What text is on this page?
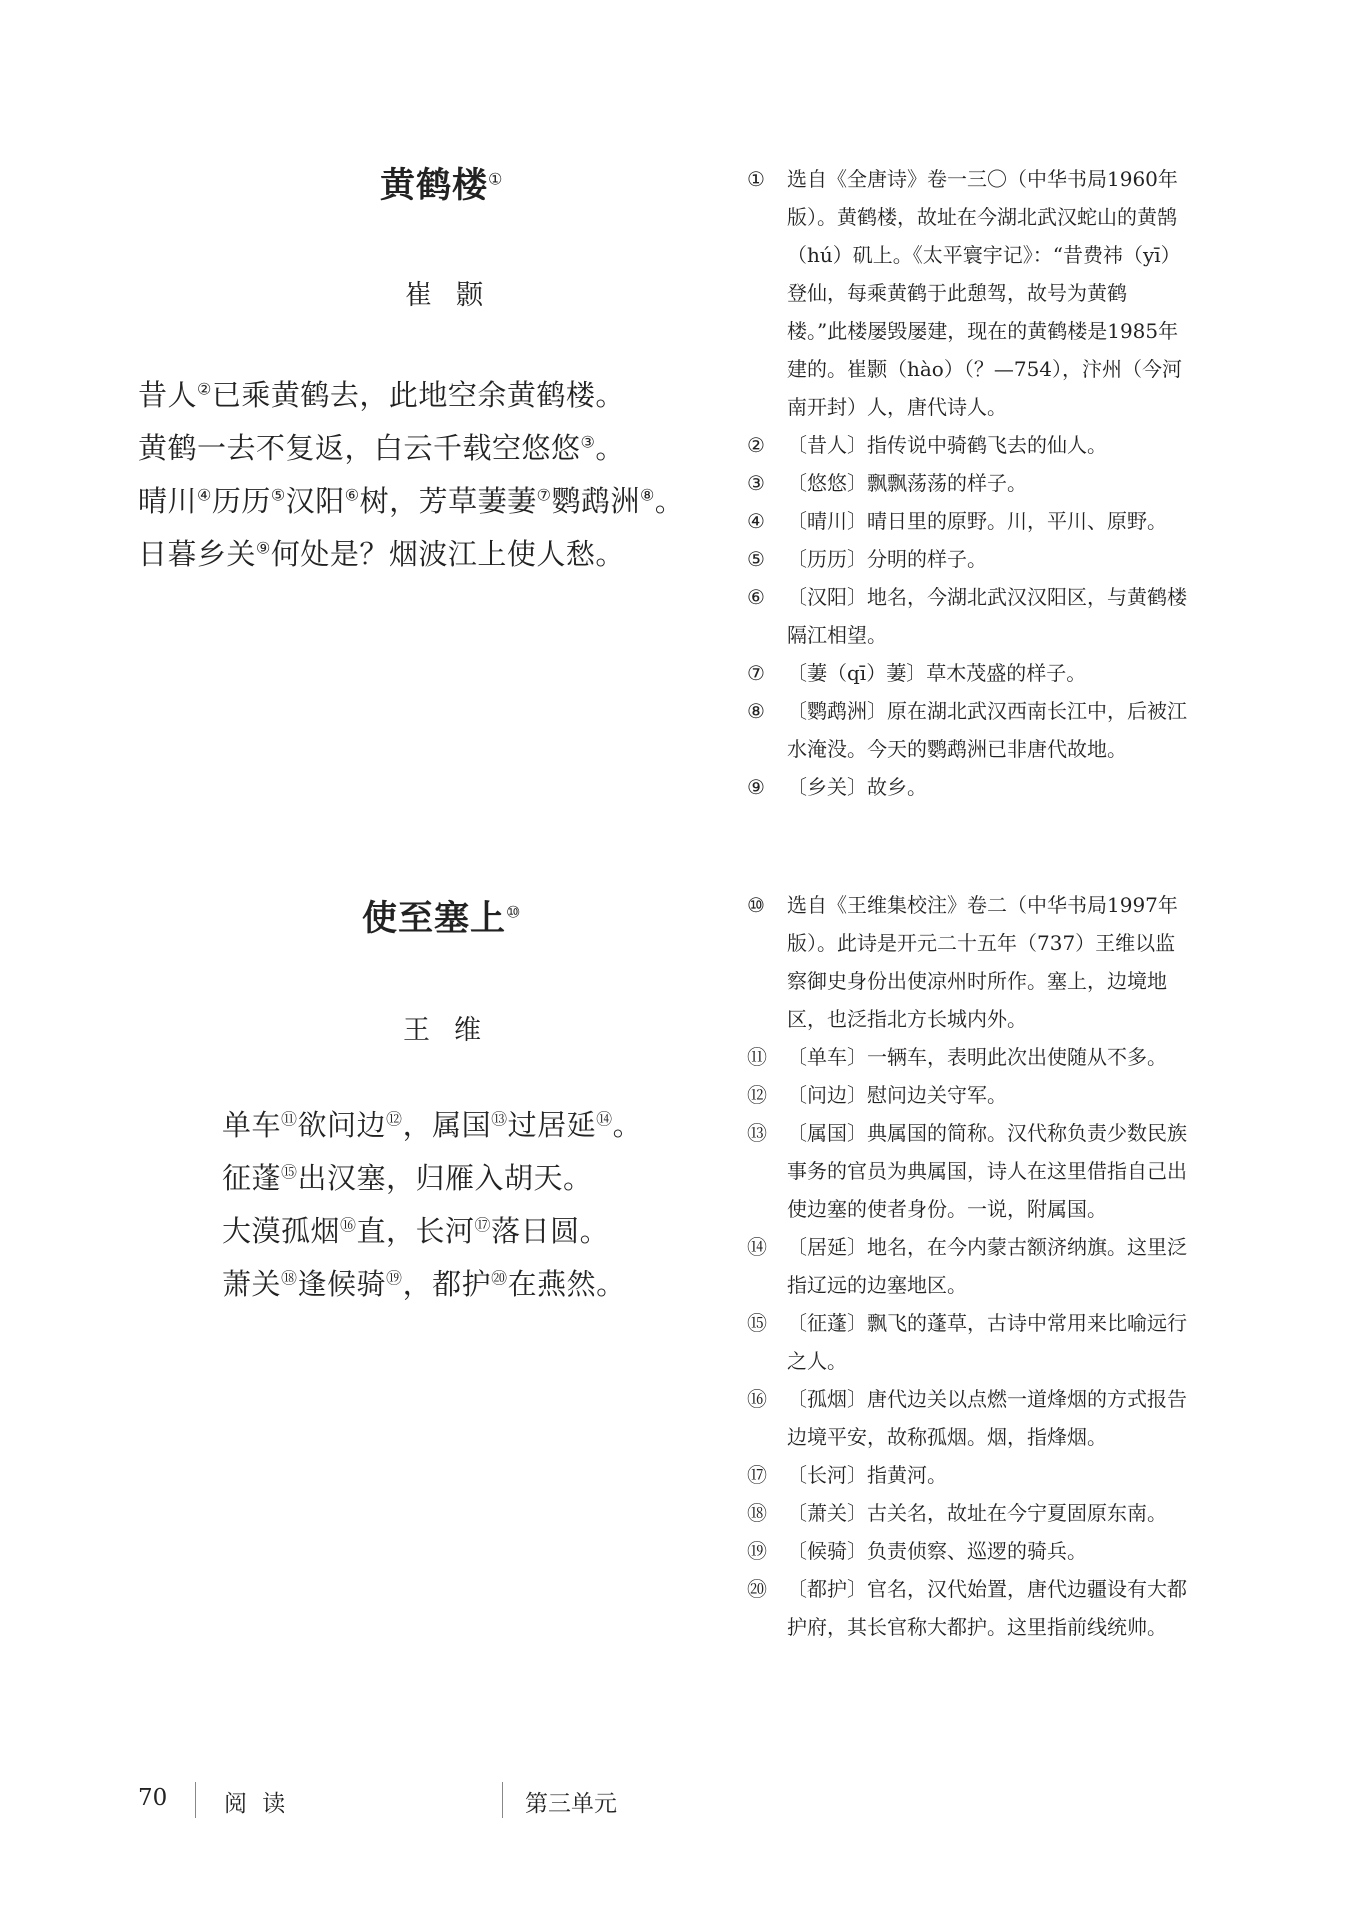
黄鹤楼①
崔颢
昔人②已乘黄鹤去，此地空余黄鹤楼。
黄鹤一去不复返，白云千载空悠悠③。
晴川④历历⑤汉阳⑥树，芳草萋萋⑦鹦鹉洲⑧。
日暮乡关⑨何处是？烟波江上使人愁。
①	选自《全唐诗》卷一三〇（中华书局1960年版）。黄鹤楼，故址在今湖北武汉蛇山的黄鹄（hú）矶上。《太平寰宇记》：“昔费祎（yī）登仙，每乘黄鹤于此憩驾，故号为黄鹤楼。”此楼屡毁屡建，现在的黄鹤楼是1985年建的。崔颢（hào）（？—754），汴州（今河南开封）人，唐代诗人。
②	〔昔人〕指传说中骑鹤飞去的仙人。
③	〔悠悠〕飘飘荡荡的样子。
④	〔晴川〕晴日里的原野。川，平川、原野。
⑤	〔历历〕分明的样子。
⑥	〔汉阳〕地名，今湖北武汉汉阳区，与黄鹤楼隔江相望。
⑦	〔萋（qī）萋〕草木茂盛的样子。
⑧	〔鹦鹉洲〕原在湖北武汉西南长江中，后被江水淹没。今天的鹦鹉洲已非唐代故地。
⑨	〔乡关〕故乡。
使至塞上⑩
王维
单车⑪欲问边⑫，属国⑬过居延⑭。
征蓬⑮出汉塞，归雁入胡天。
大漠孤烟⑯直，长河⑰落日圆。
萧关⑱逢候骑⑲，都护⑳在燕然。
⑩	选自《王维集校注》卷二（中华书局1997年版）。此诗是开元二十五年（737）王维以监察御史身份出使凉州时所作。塞上，边境地区，也泛指北方长城内外。
⑪	〔单车〕一辆车，表明此次出使随从不多。
⑫	〔问边〕慰问边关守军。
⑬	〔属国〕典属国的简称。汉代称负责少数民族事务的官员为典属国，诗人在这里借指自己出使边塞的使者身份。一说，附属国。
⑭	〔居延〕地名，在今内蒙古额济纳旗。这里泛指辽远的边塞地区。
⑮	〔征蓬〕飘飞的蓬草，古诗中常用来比喻远行之人。
⑯	〔孤烟〕唐代边关以点燃一道烽烟的方式报告边境平安，故称孤烟。烟，指烽烟。
⑰	〔长河〕指黄河。
⑱	〔萧关〕古关名，故址在今宁夏固原东南。
⑲	〔候骑〕负责侦察、巡逻的骑兵。
⑳	〔都护〕官名，汉代始置，唐代边疆设有大都护府，其长官称大都护。这里指前线统帅。
70 阅 读	第三单元
